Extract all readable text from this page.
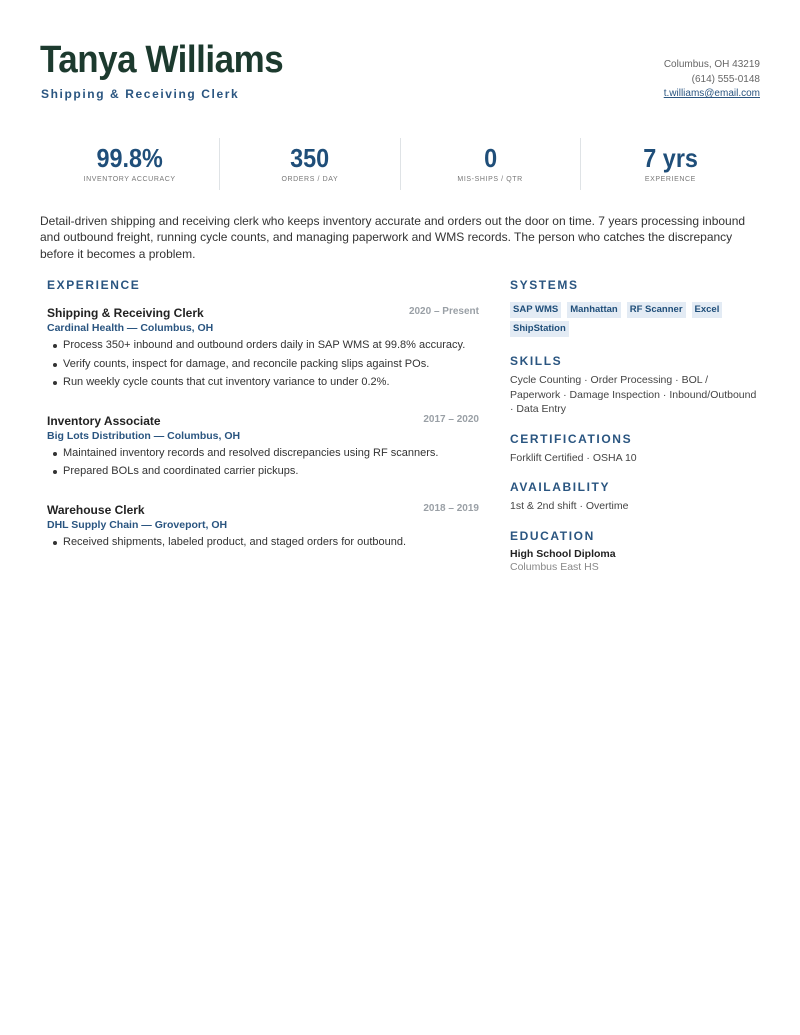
Tanya Williams
Shipping & Receiving Clerk
Columbus, OH 43219
(614) 555-0148
t.williams@email.com
99.8%
INVENTORY ACCURACY
350
ORDERS / DAY
0
MIS-SHIPS / QTR
7 yrs
EXPERIENCE

Detail-driven shipping and receiving clerk who keeps inventory accurate and orders out the door on time. 7 years processing inbound and outbound freight, running cycle counts, and managing paperwork and WMS records. The person who catches the discrepancy before it becomes a problem.

EXPERIENCE
Shipping & Receiving Clerk	2020 – Present
Cardinal Health — Columbus, OH
Process 350+ inbound and outbound orders daily in SAP WMS at 99.8% accuracy.
Verify counts, inspect for damage, and reconcile packing slips against POs.
Run weekly cycle counts that cut inventory variance to under 0.2%.
Inventory Associate	2017 – 2020
Big Lots Distribution — Columbus, OH
Maintained inventory records and resolved discrepancies using RF scanners.
Prepared BOLs and coordinated carrier pickups.
Warehouse Clerk	2018 – 2019
DHL Supply Chain — Groveport, OH
Received shipments, labeled product, and staged orders for outbound.
SYSTEMS
SAP WMS	Manhattan	RF Scanner	Excel
ShipStation
SKILLS
Cycle Counting · Order Processing · BOL / Paperwork · Damage Inspection · Inbound/Outbound · Data Entry
CERTIFICATIONS
Forklift Certified · OSHA 10
AVAILABILITY
1st & 2nd shift · Overtime
EDUCATION
High School Diploma
Columbus East HS
